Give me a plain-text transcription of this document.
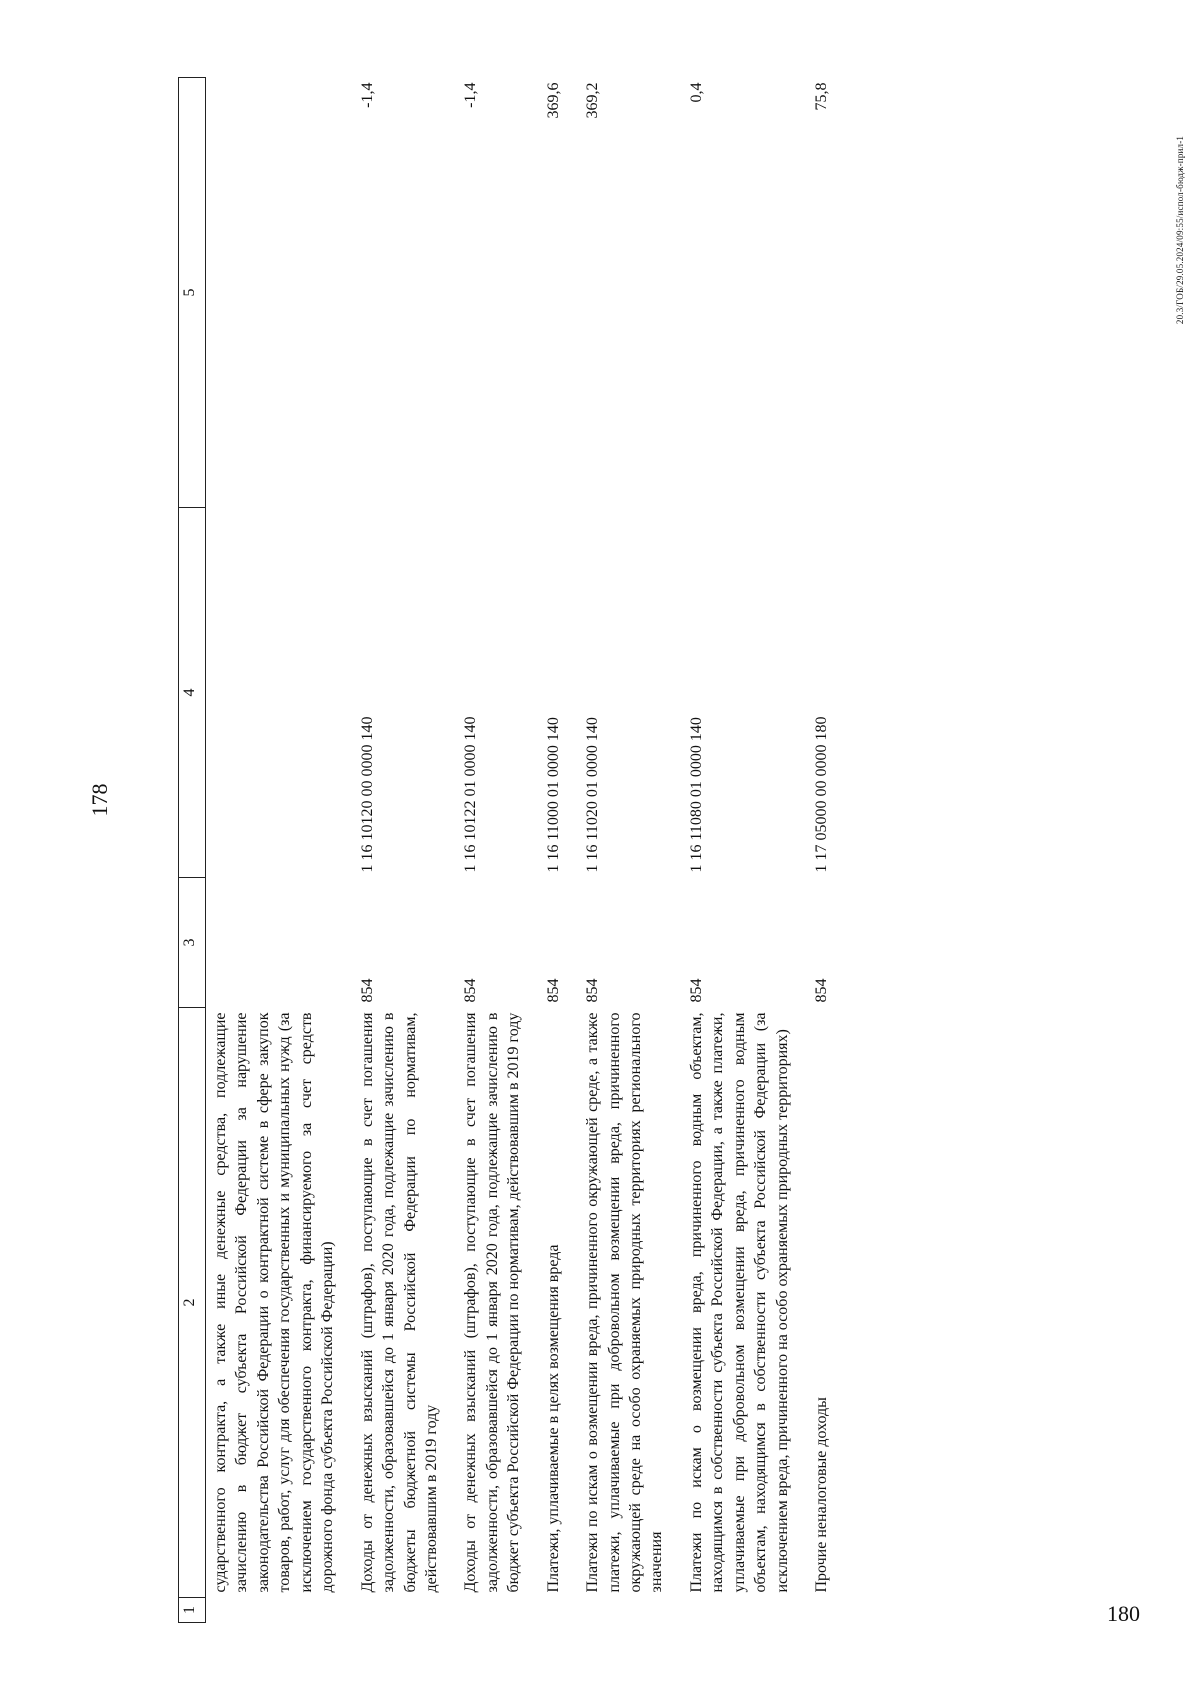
178
20.3/ГОБ/29.05.2024/09:55/испол-бюдж-прил-1
180
1	2	3	4	5
	сударственного контракта, а также иные денежные средства, подлежащие зачислению в бюджет субъекта Российской Федерации за нарушение законодательства Российской Федерации о контрактной системе в сфере закупок товаров, работ, услуг для обеспечения государственных и муниципальных нужд (за исключением государственного контракта, финансируемого за счет средств дорожного фонда субъекта Российской Федерации)			
	Доходы от денежных взысканий (штрафов), поступающие в счет погашения задолженности, образовавшейся до 1 января 2020 года, подлежащие зачислению в бюджеты бюджетной системы Российской Федерации по нормативам, действовавшим в 2019 году	854	1 16 10120 00 0000 140	-1,4
	Доходы от денежных взысканий (штрафов), поступающие в счет погашения задолженности, образовавшейся до 1 января 2020 года, подлежащие зачислению в бюджет субъекта Российской Федерации по нормативам, действовавшим в 2019 году	854	1 16 10122 01 0000 140	-1,4
	Платежи, уплачиваемые в целях возмещения вреда	854	1 16 11000 01 0000 140	369,6
	Платежи по искам о возмещении вреда, причиненного окружающей среде, а также платежи, уплачиваемые при добровольном возмещении вреда, причиненного окружающей среде на особо охраняемых природных территориях регионального значения	854	1 16 11020 01 0000 140	369,2
	Платежи по искам о возмещении вреда, причиненного водным объектам, находящимся в собственности субъекта Российской Федерации, а также платежи, уплачиваемые при добровольном возмещении вреда, причиненного водным объектам, находящимся в собственности субъекта Российской Федерации (за исключением вреда, причиненного на особо охраняемых природных территориях)	854	1 16 11080 01 0000 140	0,4
	Прочие неналоговые доходы	854	1 17 05000 00 0000 180	75,8
